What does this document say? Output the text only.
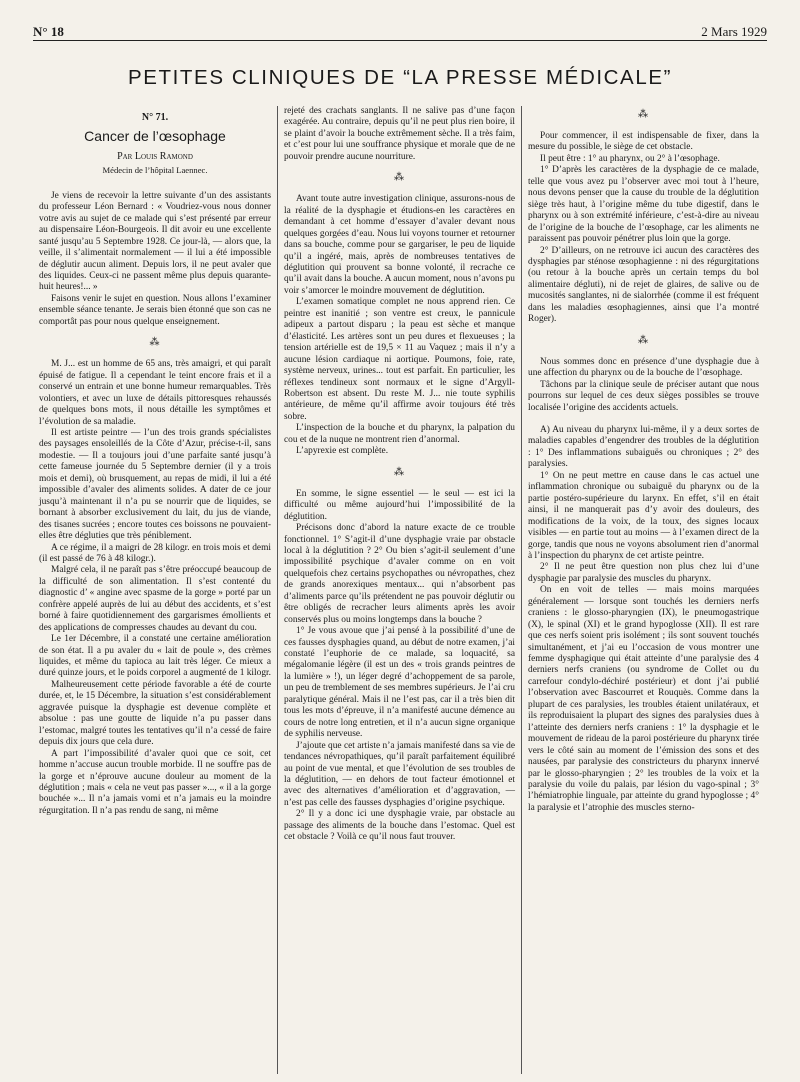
N° 18	2 Mars 1929
PETITES CLINIQUES DE “LA PRESSE MÉDICALE”
N° 71.
Cancer de l’œsophage
Par Louis Ramond
Médecin de l’hôpital Laennec.

Je viens de recevoir la lettre suivante d’un des assistants du professeur Léon Bernard : « Voudriez-vous nous donner votre avis au sujet de ce malade qui s’est présenté par erreur au dispensaire Léon-Bourgeois. Il dit avoir eu une excellente santé jusqu’au 5 Septembre 1928. Ce jour-là, — alors que, la veille, il s’alimentait normalement — il lui a été impossible de déglutir aucun aliment. Depuis lors, il ne peut avaler que des liquides. Ceux-ci ne passent même plus depuis quarante-huit heures!... »

Faisons venir le sujet en question. Nous allons l’examiner ensemble séance tenante. Je serais bien étonné que son cas ne comportât pas pour nous quelque enseignement.

⁂

M. J... est un homme de 65 ans, très amaigri, et qui paraît épuisé de fatigue. Il a cependant le teint encore frais et il a conservé un entrain et une bonne humeur remarquables. Très volontiers, et avec un luxe de détails pittoresques rehaussés de quelques bons mots, il nous détaille les symptômes et l’évolution de sa maladie.

Il est artiste peintre — l’un des trois grands spécialistes des paysages ensoleillés de la Côte d’Azur, précise-t-il, sans modestie. — Il a toujours joui d’une parfaite santé jusqu’à cette fameuse journée du 5 Septembre dernier (il y a trois mois et demi), où brusquement, au repas de midi, il lui a été impossible d’avaler des aliments solides. A dater de ce jour jusqu’à maintenant il n’a pu se nourrir que de liquides, se bornant à absorber exclusivement du lait, du jus de viande, des tisanes sucrées ; encore toutes ces boissons ne pouvaient-elles être dégluties que très péniblement.

A ce régime, il a maigri de 28 kilogr. en trois mois et demi (il est passé de 76 à 48 kilogr.).

Malgré cela, il ne paraît pas s’être préoccupé beaucoup de la difficulté de son alimentation. Il s’est contenté du diagnostic d’ « angine avec spasme de la gorge » porté par un confrère appelé auprès de lui au début des accidents, et s’est borné à faire quotidiennement des gargarismes émollients et des applications de compresses chaudes au devant du cou.

Le 1er Décembre, il a constaté une certaine amélioration de son état. Il a pu avaler du « lait de poule », des crèmes liquides, et même du tapioca au lait très léger. Ce mieux a duré quinze jours, et le poids corporel a augmenté de 1 kilogr.

Malheureusement cette période favorable a été de courte durée, et, le 15 Décembre, la situation s’est considérablement aggravée puisque la dysphagie est devenue complète et absolue : pas une goutte de liquide n’a pu passer dans l’estomac, malgré toutes les tentatives qu’il n’a cessé de faire depuis dix jours que cela dure.

A part l’impossibilité d’avaler quoi que ce soit, cet homme n’accuse aucun trouble morbide. Il ne souffre pas de la gorge et n’éprouve aucune douleur au moment de la déglutition ; mais « cela ne veut pas passer »..., « il a la gorge bouchée »... Il n’a jamais vomi et n’a jamais eu la moindre régurgitation. Il n’a pas rendu de sang, ni même

rejeté des crachats sanglants. Il ne salive pas d’une façon exagérée. Au contraire, depuis qu’il ne peut plus rien boire, il se plaint d’avoir la bouche extrêmement sèche. Il a très faim, et c’est pour lui une souffrance physique et morale que de ne pouvoir prendre aucune nourriture.

⁂

Avant toute autre investigation clinique, assurons-nous de la réalité de la dysphagie et étudions-en les caractères en demandant à cet homme d’essayer d’avaler devant nous quelques gorgées d’eau. Nous lui voyons tourner et retourner dans sa bouche, comme pour se gargariser, le peu de liquide qu’il a ingéré, mais, après de nombreuses tentatives de déglutition qui prouvent sa bonne volonté, il recrache ce qu’il avait dans la bouche. A aucun moment, nous n’avons pu voir s’amorcer le moindre mouvement de déglutition.

L’examen somatique complet ne nous apprend rien. Ce peintre est inanitié ; son ventre est creux, le pannicule adipeux a partout disparu ; la peau est sèche et manque d’élasticité. Les artères sont un peu dures et flexueuses ; la tension artérielle est de 19,5 × 11 au Vaquez ; mais il n’y a aucune lésion cardiaque ni aortique. Poumons, foie, rate, système nerveux, urines... tout est parfait. En particulier, les réflexes tendineux sont normaux et le signe d’Argyll-Robertson est absent. Du reste M. J... nie toute syphilis antérieure, de même qu’il affirme avoir toujours été très sobre.

L’inspection de la bouche et du pharynx, la palpation du cou et de la nuque ne montrent rien d’anormal.

L’apyrexie est complète.

⁂

En somme, le signe essentiel — le seul — est ici la difficulté ou même aujourd’hui l’impossibilité de la déglutition.

Précisons donc d’abord la nature exacte de ce trouble fonctionnel. 1° S’agit-il d’une dysphagie vraie par obstacle local à la déglutition ? 2° Ou bien s’agit-il seulement d’une impossibilité psychique d’avaler comme on en voit quelquefois chez certains psychopathes ou névropathes, chez de grands anorexiques mentaux... qui n’absorbent pas d’aliments parce qu’ils prétendent ne pas pouvoir déglutir ou être obligés de recracher leurs aliments après les avoir conservés plus ou moins longtemps dans la bouche ?

1° Je vous avoue que j’ai pensé à la possibilité d’une de ces fausses dysphagies quand, au début de notre examen, j’ai constaté l’euphorie de ce malade, sa loquacité, sa mégalomanie légère (il est un des « trois grands peintres de la lumière » !), un léger degré d’achoppement de sa parole, un peu de tremblement de ses membres supérieurs. Je l’ai cru paralytique général. Mais il ne l’est pas, car il a très bien dit tous les mots d’épreuve, il n’a manifesté aucune démence au cours de notre long entretien, et il n’a aucun signe organique de syphilis nerveuse.

J’ajoute que cet artiste n’a jamais manifesté dans sa vie de tendances névropathiques, qu’il paraît parfaitement équilibré au point de vue mental, et que l’évolution de ses troubles de la déglutition, — en dehors de tout facteur émotionnel et avec des alternatives d’amélioration et d’aggravation, — n’est pas celle des fausses dysphagies d’origine psychique.

2° Il y a donc ici une dysphagie vraie, par obstacle au passage des aliments de la bouche dans l’estomac. Quel est cet obstacle ? Voilà ce qu’il nous faut trouver.

⁂

Pour commencer, il est indispensable de fixer, dans la mesure du possible, le siège de cet obstacle.

Il peut être : 1° au pharynx, ou 2° à l’œsophage.

1° D’après les caractères de la dysphagie de ce malade, telle que vous avez pu l’observer avec moi tout à l’heure, nous devons penser que la cause du trouble de la déglutition siège très haut, à l’origine même du tube digestif, dans le pharynx ou à son extrémité inférieure, c’est-à-dire au niveau de l’origine de la bouche de l’œsophage, car les aliments ne paraissent pas pouvoir pénétrer plus loin que la gorge.

2° D’ailleurs, on ne retrouve ici aucun des caractères des dysphagies par sténose œsophagienne : ni des régurgitations (ou retour à la bouche après un certain temps du bol alimentaire dégluti), ni de rejet de glaires, de salive ou de mucosités sanglantes, ni de sialorrhée (comme il est fréquent dans les maladies œsophagiennes, ainsi que l’a montré Roger).

⁂

Nous sommes donc en présence d’une dysphagie due à une affection du pharynx ou de la bouche de l’œsophage.

Tâchons par la clinique seule de préciser autant que nous pourrons sur lequel de ces deux sièges possibles se trouve localisée l’origine des accidents actuels.

A) Au niveau du pharynx lui-même, il y a deux sortes de maladies capables d’engendrer des troubles de la déglutition : 1° Des inflammations subaiguës ou chroniques ; 2° des paralysies.

1° On ne peut mettre en cause dans le cas actuel une inflammation chronique ou subaiguë du pharynx ou de la partie postéro-supérieure du larynx. En effet, s’il en était ainsi, il ne manquerait pas d’y avoir des douleurs, des modifications de la voix, de la toux, des signes locaux visibles — en partie tout au moins — à l’examen direct de la gorge, tandis que nous ne voyons absolument rien d’anormal à l’inspection du pharynx de cet artiste peintre.

2° Il ne peut être question non plus chez lui d’une dysphagie par paralysie des muscles du pharynx.

On en voit de telles — mais moins marquées généralement — lorsque sont touchés les derniers nerfs craniens : le glosso-pharyngien (IX), le pneumogastrique (X), le spinal (XI) et le grand hypoglosse (XII). Il est rare que ces nerfs soient pris isolément ; ils sont souvent touchés simultanément, et j’ai eu l’occasion de vous montrer une femme dysphagique qui était atteinte d’une paralysie des 4 derniers nerfs craniens (ou syndrome de Collet ou du carrefour condylo-déchiré postérieur) et dont j’ai publié l’observation avec Bascourret et Rouquès. Comme dans la plupart de ces paralysies, les troubles étaient unilatéraux, et ils reproduisaient la plupart des signes des paralysies dues à l’atteinte des derniers nerfs craniens : 1° la dysphagie et le mouvement de rideau de la paroi postérieure du pharynx tirée vers le côté sain au moment de l’émission des sons et des nausées, par paralysie des constricteurs du pharynx innervé par le glosso-pharyngien ; 2° les troubles de la voix et la paralysie du voile du palais, par lésion du vago-spinal ; 3° l’hémiatrophie linguale, par atteinte du grand hypoglosse ; 4° la paralysie et l’atrophie des muscles sterno-
